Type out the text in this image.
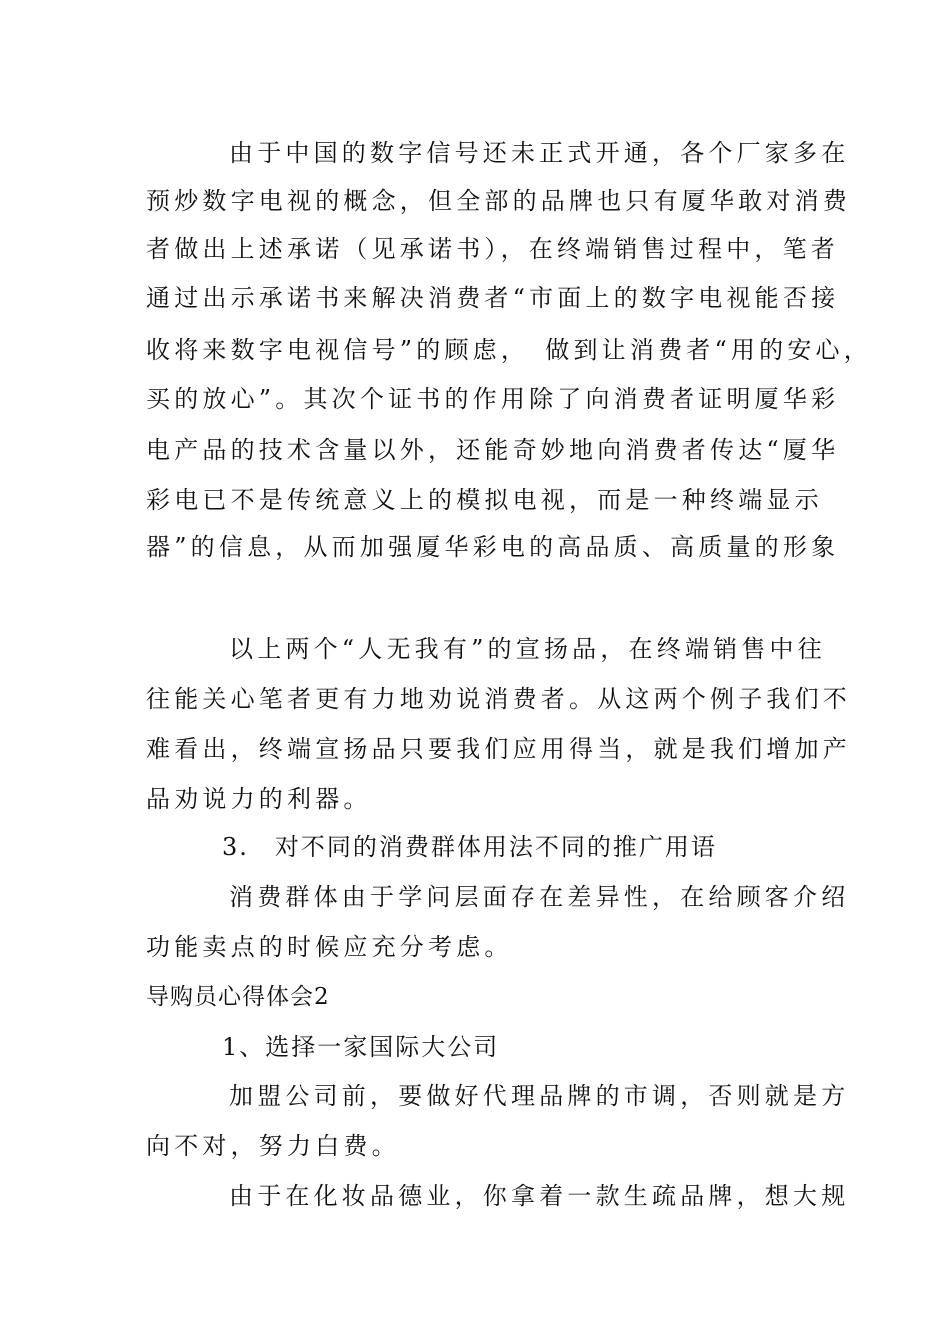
由于中国的数字信号还未正式开通，各个厂家多在
预炒数字电视的概念，但全部的品牌也只有厦华敢对消费
者做出上述承诺（见承诺书），在终端销售过程中，笔者
通过出示承诺书来解决消费者“市面上的数字电视能否接
收将来数字电视信号”的顾虑，　做到让消费者“用的安心，
买的放心”。其次个证书的作用除了向消费者证明厦华彩
电产品的技术含量以外，还能奇妙地向消费者传达“厦华
彩电已不是传统意义上的模拟电视，而是一种终端显示
器”的信息，从而加强厦华彩电的高品质、高质量的形象
以上两个“人无我有”的宣扬品，在终端销售中往
往能关心笔者更有力地劝说消费者。从这两个例子我们不
难看出，终端宣扬品只要我们应用得当，就是我们增加产
品劝说力的利器。
3.　对不同的消费群体用法不同的推广用语
消费群体由于学问层面存在差异性，在给顾客介绍
功能卖点的时候应充分考虑。
导购员心得体会2
1、选择一家国际大公司
加盟公司前，要做好代理品牌的市调，否则就是方
向不对，努力白费。
由于在化妆品德业，你拿着一款生疏品牌，想大规
